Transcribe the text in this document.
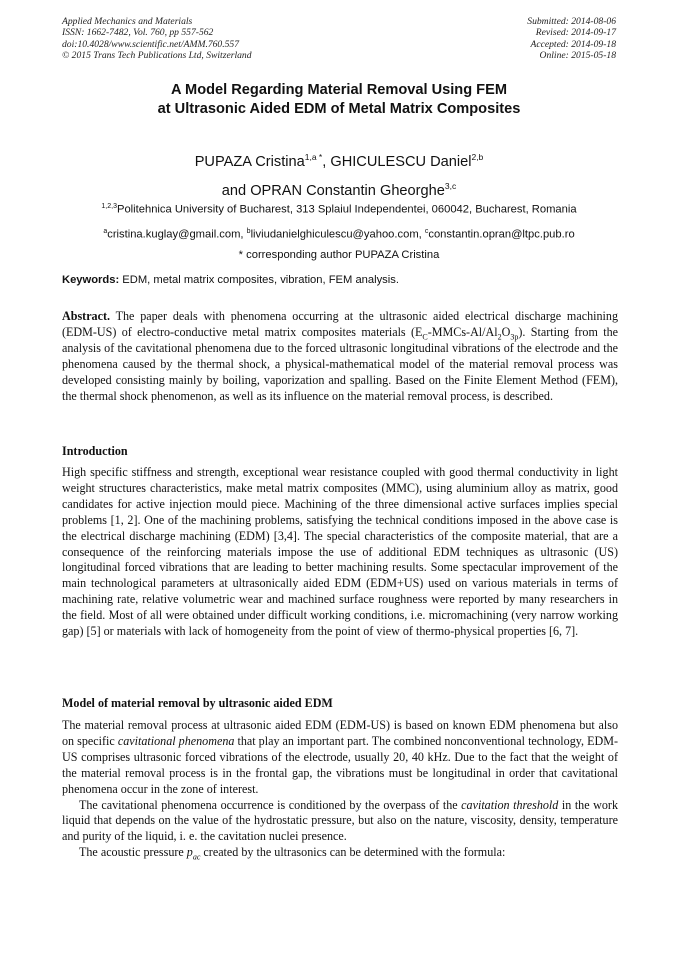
Applied Mechanics and Materials
ISSN: 1662-7482, Vol. 760, pp 557-562
doi:10.4028/www.scientific.net/AMM.760.557
© 2015 Trans Tech Publications Ltd, Switzerland
Submitted: 2014-08-06
Revised: 2014-09-17
Accepted: 2014-09-18
Online: 2015-05-18
A Model Regarding Material Removal Using FEM
at Ultrasonic Aided EDM of Metal Matrix Composites
PUPAZA Cristina$^{1,a *}$, GHICULESCU Daniel$^{2,b}$
and OPRAN Constantin Gheorghe$^{3,c}$
$^{1,2,3}$Politehnica University of Bucharest, 313 Splaiul Independentei, 060042, Bucharest, Romania
$^a$cristina.kuglay@gmail.com, $^b$liviudanielghiculescu@yahoo.com, $^c$constantin.opran@ltpc.pub.ro
* corresponding author PUPAZA Cristina
Keywords: EDM, metal matrix composites, vibration, FEM analysis.

Abstract. The paper deals with phenomena occurring at the ultrasonic aided electrical discharge machining (EDM-US) of electro-conductive metal matrix composites materials $(E_C-MMCs-Al/Al_2O_{3p})$. Starting from the analysis of the cavitational phenomena due to the forced ultrasonic longitudinal vibrations of the electrode and the phenomena caused by the thermal shock, a physical-mathematical model of the material removal process was developed consisting mainly by boiling, vaporization and spalling. Based on the Finite Element Method (FEM), the thermal shock phenomenon, as well as its influence on the material removal process, is described.

Introduction

High specific stiffness and strength, exceptional wear resistance coupled with good thermal conductivity in light weight structures characteristics, make metal matrix composites (MMC), using aluminium alloy as matrix, good candidates for active injection mould piece. Machining of the three dimensional active surfaces implies special problems [1, 2]. One of the machining problems, satisfying the technical conditions imposed in the above case is the electrical discharge machining (EDM) [3,4]. The special characteristics of the composite material, that are a consequence of the reinforcing materials impose the use of additional EDM techniques as ultrasonic (US) longitudinal forced vibrations that are leading to better machining results. Some spectacular improvement of the main technological parameters at ultrasonically aided EDM (EDM+US) used on various materials in terms of machining rate, relative volumetric wear and machined surface roughness were reported by many researchers in the field. Most of all were obtained under difficult working conditions, i.e. micromachining (very narrow working gap) [5] or materials with lack of homogeneity from the point of view of thermo-physical properties [6, 7].

Model of material removal by ultrasonic aided EDM

The material removal process at ultrasonic aided EDM (EDM-US) is based on known EDM phenomena but also on specific cavitational phenomena that play an important part. The combined nonconventional technology, EDM-US comprises ultrasonic forced vibrations of the electrode, usually 20, 40 kHz. Due to the fact that the weight of the material removal process is in the frontal gap, the vibrations must be longitudinal in order that cavitational phenomena occur in the zone of interest.

The cavitational phenomena occurrence is conditioned by the overpass of the cavitation threshold in the work liquid that depends on the value of the hydrostatic pressure, but also on the nature, viscosity, density, temperature and purity of the liquid, i. e. the cavitation nuclei presence.

The acoustic pressure $p_{ac}$ created by the ultrasonics can be determined with the formula:
